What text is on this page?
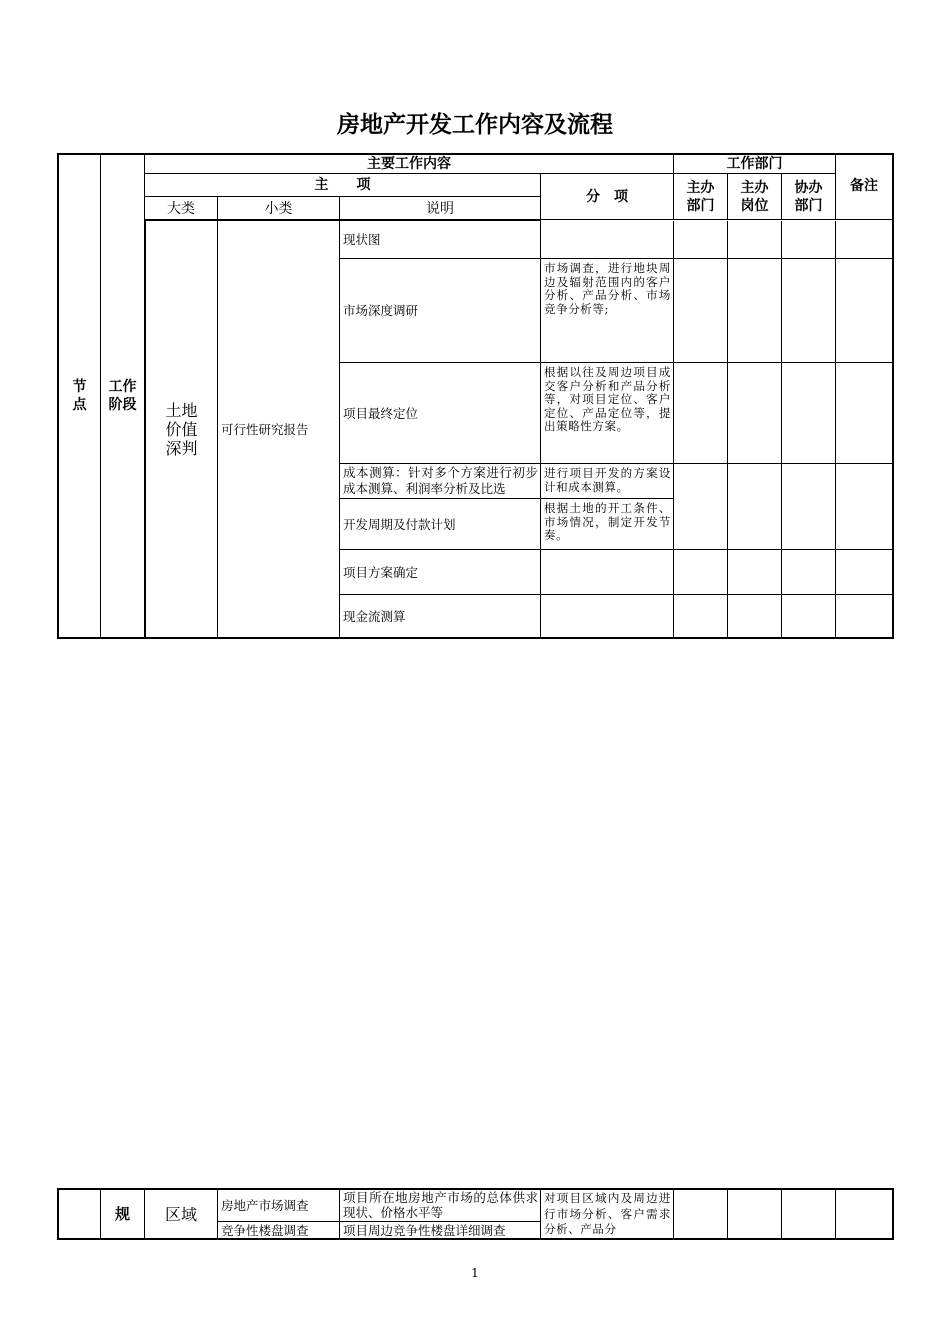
房地产开发工作内容及流程
节点
工作阶段
主要工作内容
主　　项
大类	小类	说明
分　项
工作部门
主办部门
主办岗位
协办部门
备注
土地价值深判
可行性研究报告
现状图
市场深度调研
项目最终定位
成本测算：针对多个方案进行初步成本测算、利润率分析及比选
开发周期及付款计划
项目方案确定
现金流测算
市场调查，进行地块周边及辐射范围内的客户分析、产品分析、市场竞争分析等;
根据以往及周边项目成交客户分析和产品分析等，对项目定位、客户定位、产品定位等，提出策略性方案。
进行项目开发的方案设计和成本测算。
根据土地的开工条件、市场情况，制定开发节奏。
规 区域 房地产市场调查
竞争性楼盘调查
项目所在地房地产市场的总体供求现状、价格水平等
项目周边竞争性楼盘详细调查
对项目区域内及周边进行市场分析、客户需求分析、产品分
1
